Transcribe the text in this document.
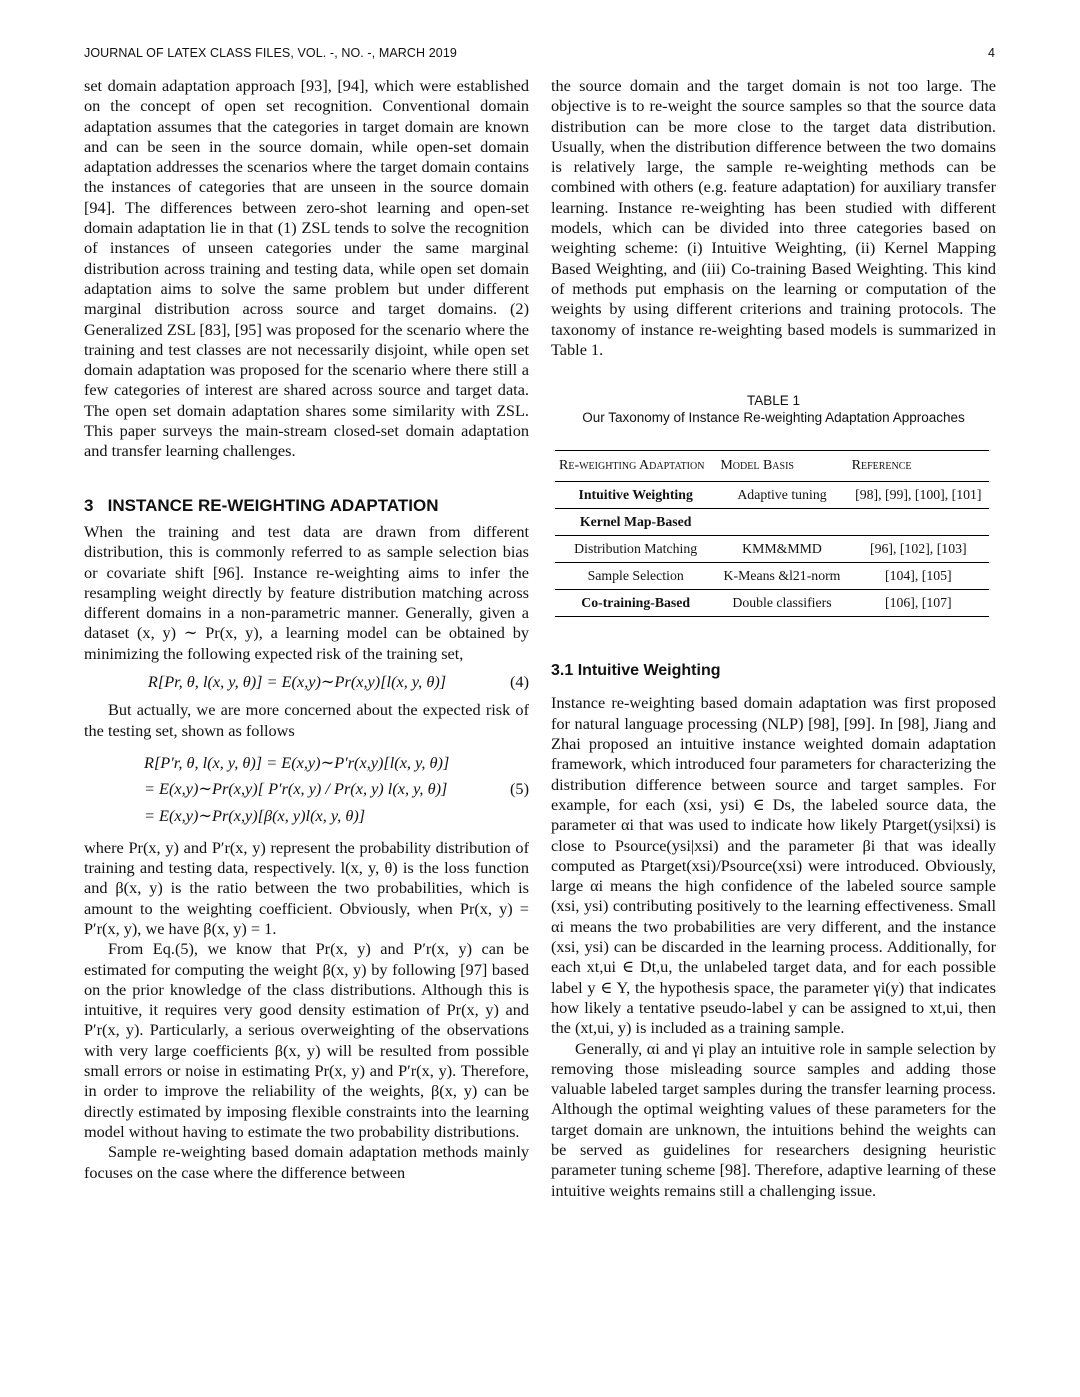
JOURNAL OF LATEX CLASS FILES, VOL. -, NO. -, MARCH 2019	4

set domain adaptation approach [93], [94], which were established on the concept of open set recognition. Conventional domain adaptation assumes that the categories in target domain are known and can be seen in the source domain, while open-set domain adaptation addresses the scenarios where the target domain contains the instances of categories that are unseen in the source domain [94]. The differences between zero-shot learning and open-set domain adaptation lie in that (1) ZSL tends to solve the recognition of instances of unseen categories under the same marginal distribution across training and testing data, while open set domain adaptation aims to solve the same problem but under different marginal distribution across source and target domains. (2) Generalized ZSL [83], [95] was proposed for the scenario where the training and test classes are not necessarily disjoint, while open set domain adaptation was proposed for the scenario where there still a few categories of interest are shared across source and target data. The open set domain adaptation shares some similarity with ZSL. This paper surveys the main-stream closed-set domain adaptation and transfer learning challenges.

3 INSTANCE RE-WEIGHTING ADAPTATION

When the training and test data are drawn from different distribution, this is commonly referred to as sample selection bias or covariate shift [96]. Instance re-weighting aims to infer the resampling weight directly by feature distribution matching across different domains in a non-parametric manner. Generally, given a dataset (x, y) ∼ Pr(x, y), a learning model can be obtained by minimizing the following expected risk of the training set,

R[Pr, θ, l(x, y, θ)] = E(x,y)∼Pr(x,y)[l(x, y, θ)]	(4)

But actually, we are more concerned about the expected risk of the testing set, shown as follows

R[P′r, θ, l(x, y, θ)] = E(x,y)∼P′r(x,y)[l(x, y, θ)]
= E(x,y)∼Pr(x,y)[ P′r(x, y) / Pr(x, y) l(x, y, θ)]
= E(x,y)∼Pr(x,y)[β(x, y)l(x, y, θ)]
(5)

where Pr(x, y) and P′r(x, y) represent the probability distribution of training and testing data, respectively. l(x, y, θ) is the loss function and β(x, y) is the ratio between the two probabilities, which is amount to the weighting coefficient. Obviously, when Pr(x, y) = P′r(x, y), we have β(x, y) = 1.

From Eq.(5), we know that Pr(x, y) and P′r(x, y) can be estimated for computing the weight β(x, y) by following [97] based on the prior knowledge of the class distributions. Although this is intuitive, it requires very good density estimation of Pr(x, y) and P′r(x, y). Particularly, a serious overweighting of the observations with very large coefficients β(x, y) will be resulted from possible small errors or noise in estimating Pr(x, y) and P′r(x, y). Therefore, in order to improve the reliability of the weights, β(x, y) can be directly estimated by imposing flexible constraints into the learning model without having to estimate the two probability distributions.

Sample re-weighting based domain adaptation methods mainly focuses on the case where the difference between

the source domain and the target domain is not too large. The objective is to re-weight the source samples so that the source data distribution can be more close to the target data distribution. Usually, when the distribution difference between the two domains is relatively large, the sample re-weighting methods can be combined with others (e.g. feature adaptation) for auxiliary transfer learning. Instance re-weighting has been studied with different models, which can be divided into three categories based on weighting scheme: (i) Intuitive Weighting, (ii) Kernel Mapping Based Weighting, and (iii) Co-training Based Weighting. This kind of methods put emphasis on the learning or computation of the weights by using different criterions and training protocols. The taxonomy of instance re-weighting based models is summarized in Table 1.

TABLE 1
Our Taxonomy of Instance Re-weighting Adaptation Approaches
Re-weighting Adaptation	Model Basis	Reference
Intuitive Weighting	Adaptive tuning	[98], [99], [100], [101]
Kernel Map-Based		
Distribution Matching	KMM&MMD	[96], [102], [103]
Sample Selection	K-Means &l21-norm	[104], [105]
Co-training-Based	Double classifiers	[106], [107]
3.1 Intuitive Weighting

Instance re-weighting based domain adaptation was first proposed for natural language processing (NLP) [98], [99]. In [98], Jiang and Zhai proposed an intuitive instance weighted domain adaptation framework, which introduced four parameters for characterizing the distribution difference between source and target samples. For example, for each (xsi, ysi) ∈ Ds, the labeled source data, the parameter αi that was used to indicate how likely Ptarget(ysi|xsi) is close to Psource(ysi|xsi) and the parameter βi that was ideally computed as Ptarget(xsi)/Psource(xsi) were introduced. Obviously, large αi means the high confidence of the labeled source sample (xsi, ysi) contributing positively to the learning effectiveness. Small αi means the two probabilities are very different, and the instance (xsi, ysi) can be discarded in the learning process. Additionally, for each xt,ui ∈ Dt,u, the unlabeled target data, and for each possible label y ∈ Y, the hypothesis space, the parameter γi(y) that indicates how likely a tentative pseudo-label y can be assigned to xt,ui, then the (xt,ui, y) is included as a training sample.

Generally, αi and γi play an intuitive role in sample selection by removing those misleading source samples and adding those valuable labeled target samples during the transfer learning process. Although the optimal weighting values of these parameters for the target domain are unknown, the intuitions behind the weights can be served as guidelines for researchers designing heuristic parameter tuning scheme [98]. Therefore, adaptive learning of these intuitive weights remains still a challenging issue.
